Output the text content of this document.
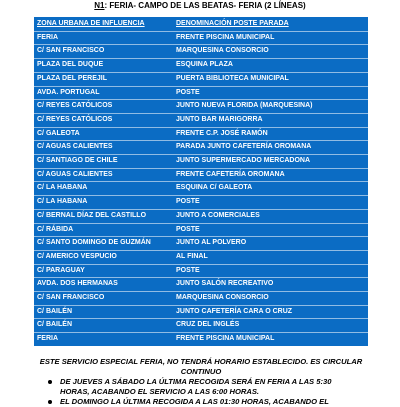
N1: FERIA- CAMPO DE LAS BEATAS- FERIA (2 LÍNEAS)
ZONA URBANA DE INFLUENCIA	DENOMINACIÓN POSTE PARADA
FERIA	FRENTE PISCINA MUNICIPAL
C/ SAN FRANCISCO	MARQUESINA CONSORCIO
PLAZA DEL DUQUE	ESQUINA PLAZA
PLAZA DEL PEREJIL	PUERTA BIBLIOTECA MUNICIPAL
AVDA. PORTUGAL	POSTE
C/ REYES CATÓLICOS	JUNTO NUEVA FLORIDA (MARQUESINA)
C/ REYES CATÓLICOS	JUNTO BAR MARIGORRA
C/ GALEOTA	FRENTE C.P. JOSÉ RAMÓN
C/ AGUAS CALIENTES	PARADA JUNTO CAFETERÍA OROMANA
C/ SANTIAGO DE CHILE	JUNTO SUPERMERCADO MERCADONA
C/ AGUAS CALIENTES	FRENTE CAFETERÍA OROMANA
C/ LA HABANA	ESQUINA C/ GALEOTA
C/ LA HABANA	POSTE
C/ BERNAL DÍAZ DEL CASTILLO	JUNTO A COMERCIALES
C/ RÁBIDA	POSTE
C/ SANTO DOMINGO DE GUZMÁN	JUNTO AL POLVERO
C/ AMERICO VESPUCIO	AL FINAL
C/ PARAGUAY	POSTE
AVDA. DOS HERMANAS	JUNTO SALÓN RECREATIVO
C/ SAN FRANCISCO	MARQUESINA CONSORCIO
C/ BAILÉN	JUNTO CAFETERÍA CARA O CRUZ
C/ BAILÉN	CRUZ DEL INGLÉS
FERIA	FRENTE PISCINA MUNICIPAL
ESTE SERVICIO ESPECIAL FERIA, NO TENDRÁ HORARIO ESTABLECIDO. ES CIRCULAR CONTINUO
DE JUEVES A SÁBADO LA ÚLTIMA RECOGIDA SERÁ EN FERIA A LAS 5:30 HORAS, ACABANDO EL SERVICIO A LAS 6:00 HORAS.
EL DOMINGO LA ÚLTIMA RECOGIDA A LAS 01:30 HORAS, ACABANDO EL
